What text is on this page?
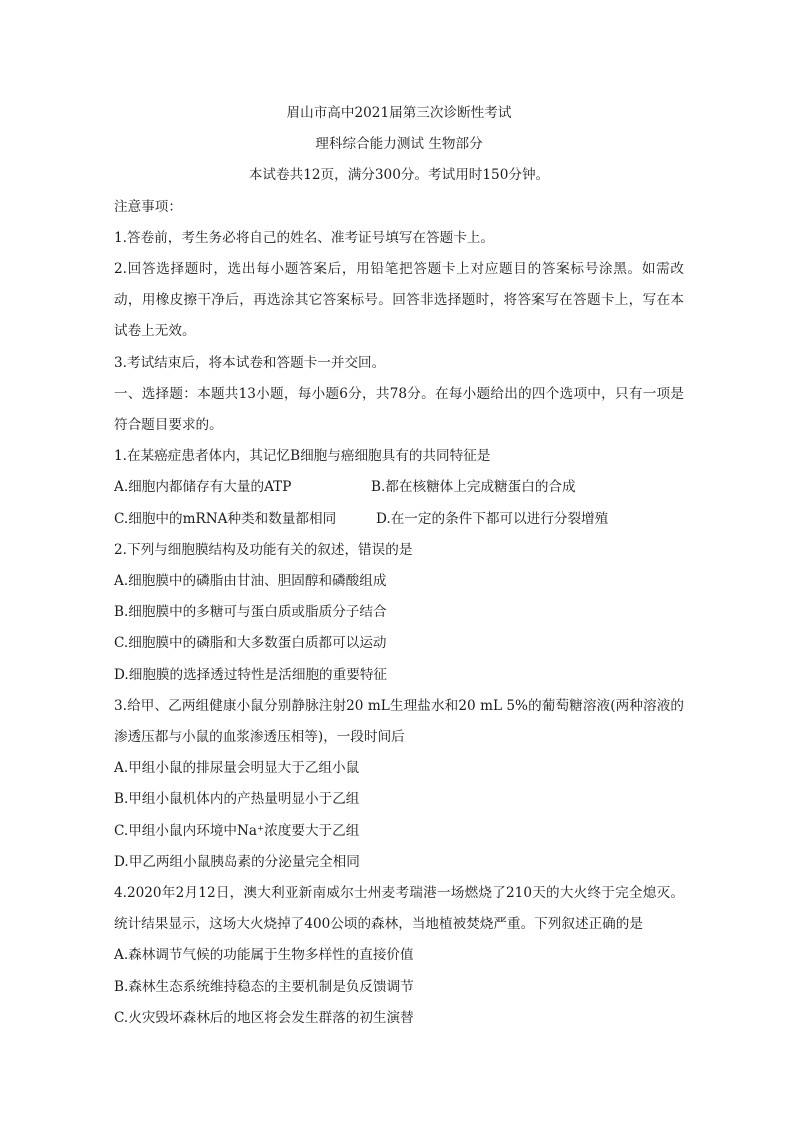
眉山市高中2021届第三次诊断性考试
理科综合能力测试 生物部分
本试卷共12页，满分300分。考试用时150分钟。
注意事项：
1.答卷前，考生务必将自己的姓名、准考证号填写在答题卡上。
2.回答选择题时，选出每小题答案后，用铅笔把答题卡上对应题目的答案标号涂黑。如需改动，用橡皮擦干净后，再选涂其它答案标号。回答非选择题时，将答案写在答题卡上，写在本试卷上无效。
3.考试结束后，将本试卷和答题卡一并交回。
一、选择题：本题共13小题，每小题6分，共78分。在每小题给出的四个选项中，只有一项是符合题目要求的。
1.在某癌症患者体内，其记忆B细胞与癌细胞具有的共同特征是
A.细胞内都储存有大量的ATP	B.都在核糖体上完成糖蛋白的合成
C.细胞中的mRNA种类和数量都相同	D.在一定的条件下都可以进行分裂增殖
2.下列与细胞膜结构及功能有关的叙述，错误的是
A.细胞膜中的磷脂由甘油、胆固醇和磷酸组成
B.细胞膜中的多糖可与蛋白质或脂质分子结合
C.细胞膜中的磷脂和大多数蛋白质都可以运动
D.细胞膜的选择透过特性是活细胞的重要特征
3.给甲、乙两组健康小鼠分别静脉注射20 mL生理盐水和20 mL 5%的葡萄糖溶液(两种溶液的渗透压都与小鼠的血浆渗透压相等)，一段时间后
A.甲组小鼠的排尿量会明显大于乙组小鼠
B.甲组小鼠机体内的产热量明显小于乙组
C.甲组小鼠内环境中Na⁺浓度要大于乙组
D.甲乙两组小鼠胰岛素的分泌量完全相同
4.2020年2月12日，澳大利亚新南威尔士州麦考瑞港一场燃烧了210天的大火终于完全熄灭。统计结果显示，这场大火烧掉了400公顷的森林，当地植被焚烧严重。下列叙述正确的是
A.森林调节气候的功能属于生物多样性的直接价值
B.森林生态系统维持稳态的主要机制是负反馈调节
C.火灾毁坏森林后的地区将会发生群落的初生演替
